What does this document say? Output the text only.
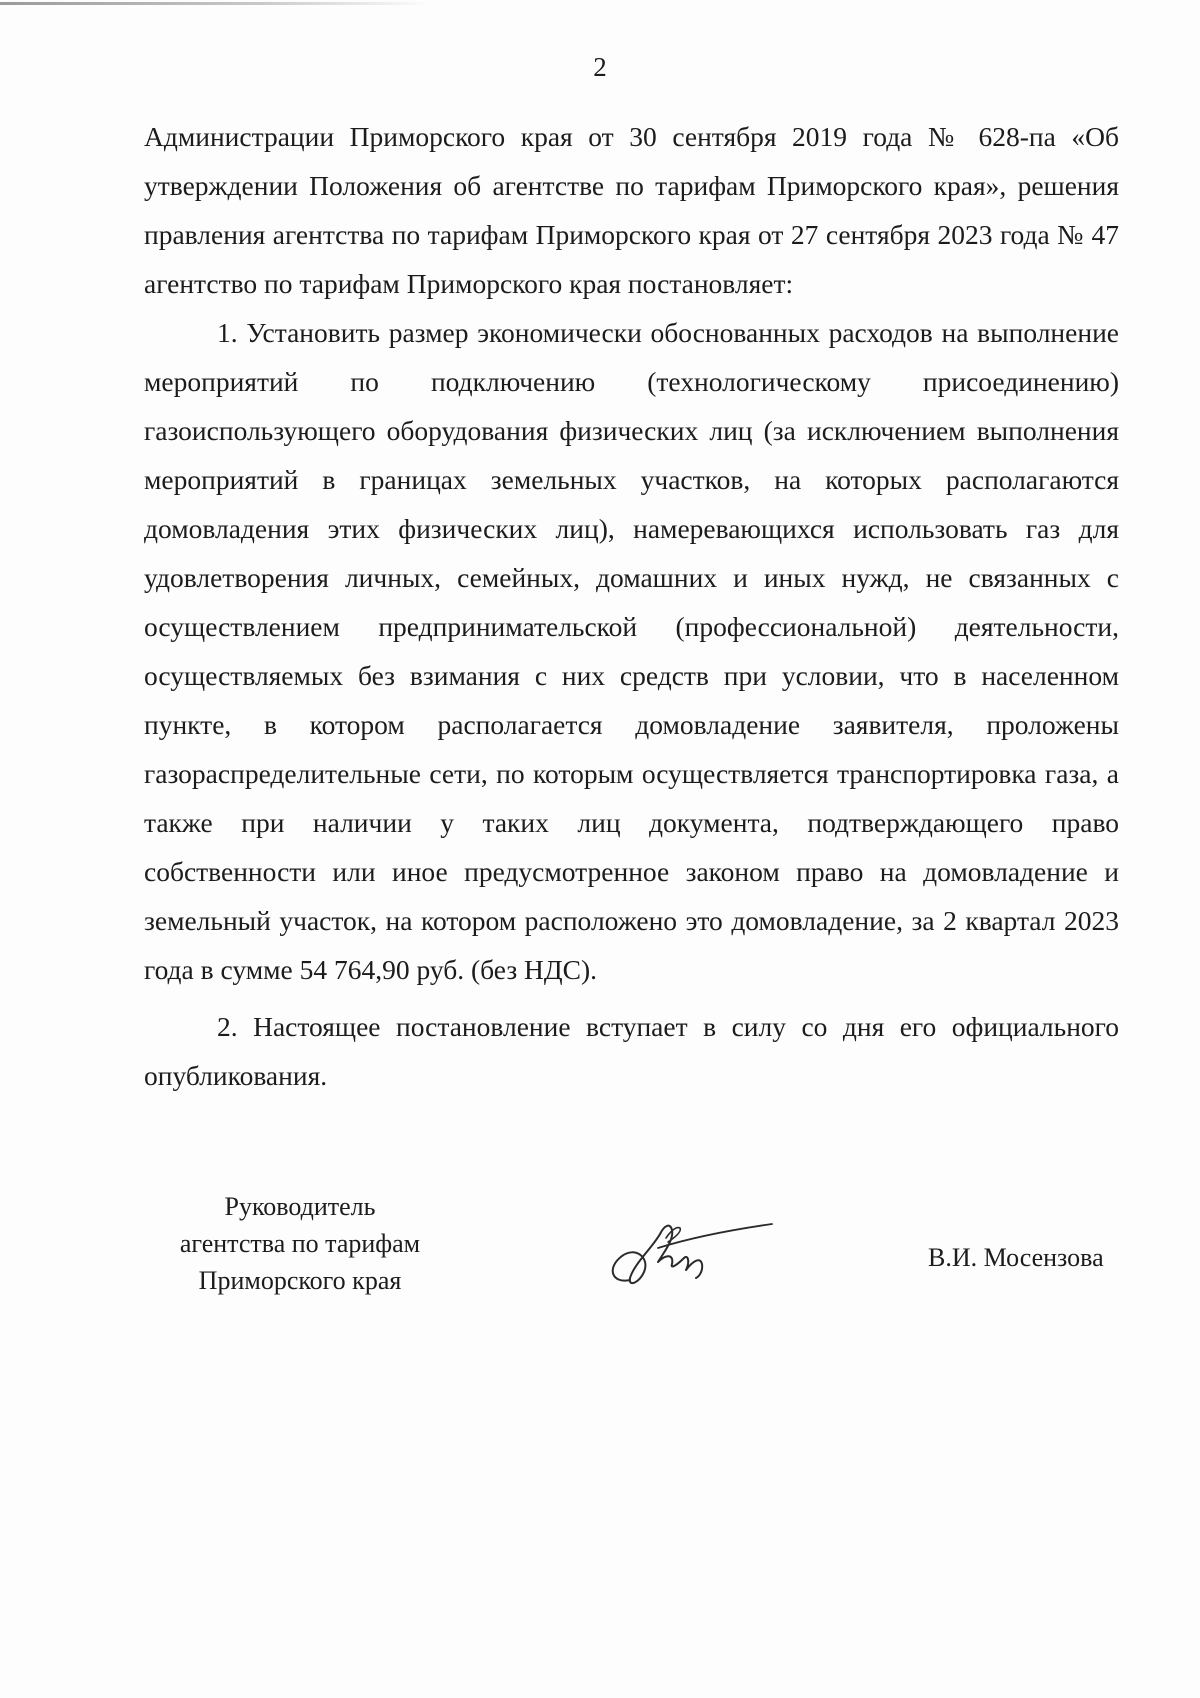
2

Администрации Приморского края от 30 сентября 2019 года № 628-па «Об утверждении Положения об агентстве по тарифам Приморского края», решения правления агентства по тарифам Приморского края от 27 сентября 2023 года № 47 агентство по тарифам Приморского края постановляет:

1. Установить размер экономически обоснованных расходов на выполнение мероприятий по подключению (технологическому присоединению) газоиспользующего оборудования физических лиц (за исключением выполнения мероприятий в границах земельных участков, на которых располагаются домовладения этих физических лиц), намеревающихся использовать газ для удовлетворения личных, семейных, домашних и иных нужд, не связанных с осуществлением предпринимательской (профессиональной) деятельности, осуществляемых без взимания с них средств при условии, что в населенном пункте, в котором располагается домовладение заявителя, проложены газораспределительные сети, по которым осуществляется транспортировка газа, а также при наличии у таких лиц документа, подтверждающего право собственности или иное предусмотренное законом право на домовладение и земельный участок, на котором расположено это домовладение, за 2 квартал 2023 года в сумме 54 764,90 руб. (без НДС).

2. Настоящее постановление вступает в силу со дня его официального опубликования.

Руководитель
агентства по тарифам
Приморского края
В.И. Мосензова
